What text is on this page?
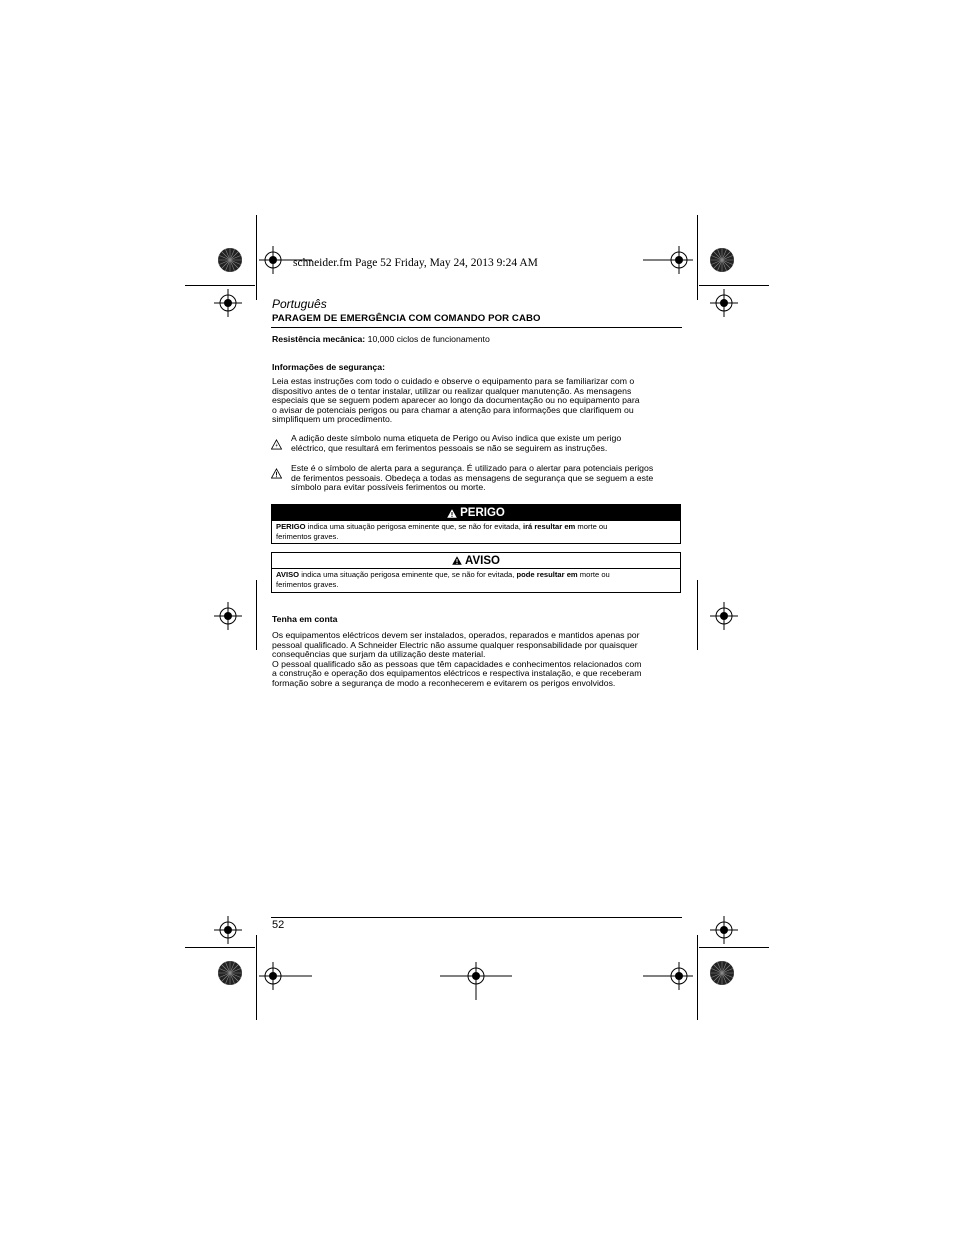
schneider.fm Page 52 Friday, May 24, 2013 9:24 AM
Português
PARAGEM DE EMERGÊNCIA COM COMANDO POR CABO
Resistência mecânica: 10,000 ciclos de funcionamento
Informações de segurança:
Leia estas instruções com todo o cuidado e observe o equipamento para se familiarizar com o
dispositivo antes de o tentar instalar, utilizar ou realizar qualquer manutenção. As mensagens
especiais que se seguem podem aparecer ao longo da documentação ou no equipamento para
o avisar de potenciais perigos ou para chamar a atenção para informações que clarifiquem ou
simplifiquem um procedimento.
A adição deste símbolo numa etiqueta de Perigo ou Aviso indica que existe um perigo
eléctrico, que resultará em ferimentos pessoais se não se seguirem as instruções.
Este é o símbolo de alerta para a segurança. É utilizado para o alertar para potenciais perigos
de ferimentos pessoais. Obedeça a todas as mensagens de segurança que se seguem a este
símbolo para evitar possíveis ferimentos ou morte.
PERIGO
PERIGO indica uma situação perigosa eminente que, se não for evitada, irá resultar em morte ou
ferimentos graves.
AVISO
AVISO indica uma situação perigosa eminente que, se não for evitada, pode resultar em morte ou
ferimentos graves.
Tenha em conta
Os equipamentos eléctricos devem ser instalados, operados, reparados e mantidos apenas por
pessoal qualificado. A Schneider Electric não assume qualquer responsabilidade por quaisquer
consequências que surjam da utilização deste material.
O pessoal qualificado são as pessoas que têm capacidades e conhecimentos relacionados com
a construção e operação dos equipamentos eléctricos e respectiva instalação, e que receberam
formação sobre a segurança de modo a reconhecerem e evitarem os perigos envolvidos.
52
